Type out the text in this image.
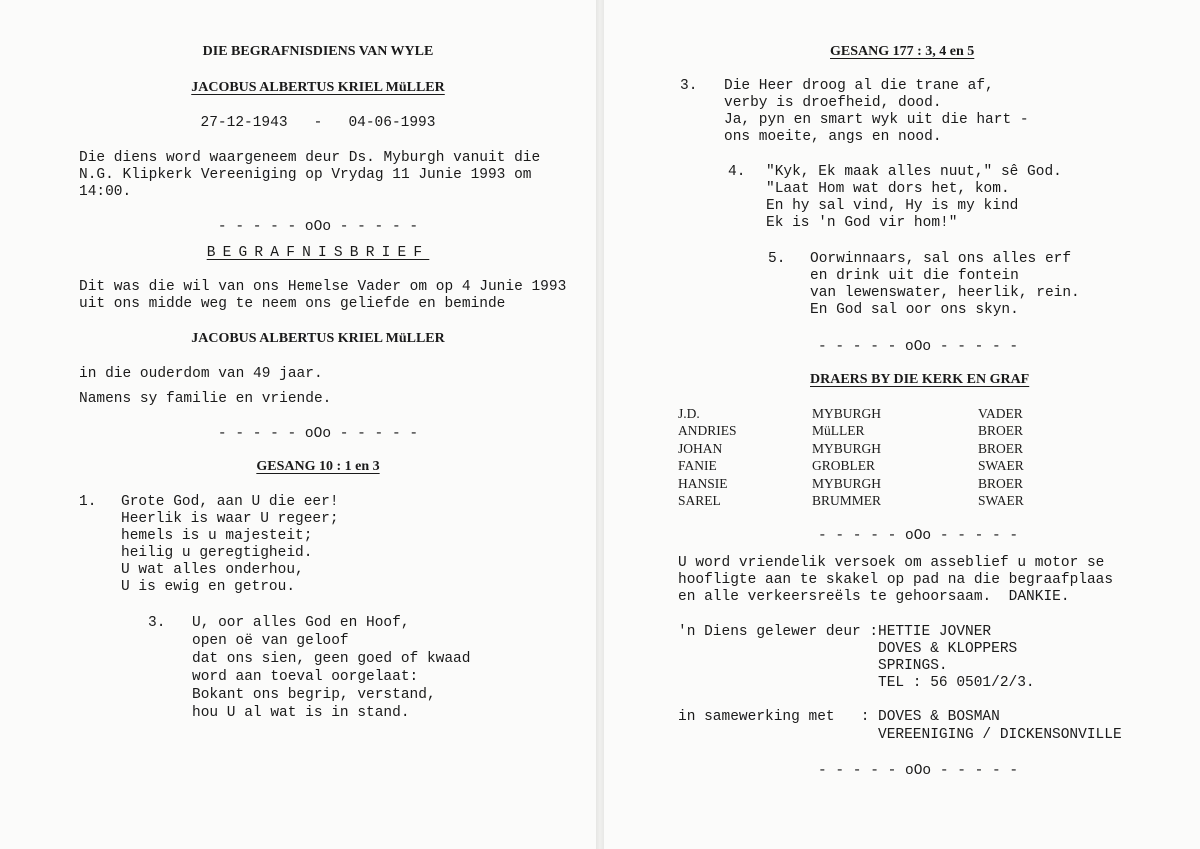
DIE BEGRAFNISDIENS VAN WYLE
JACOBUS ALBERTUS KRIEL MüLLER
27-12-1943   -   04-06-1993
Die diens word waargeneem deur Ds. Myburgh vanuit die
N.G. Klipkerk Vereeniging op Vrydag 11 Junie 1993 om
14:00.
- - - - - oOo - - - - -
BEGRAFNISBRIEF
Dit was die wil van ons Hemelse Vader om op 4 Junie 1993
uit ons midde weg te neem ons geliefde en beminde
JACOBUS ALBERTUS KRIEL MüLLER
in die ouderdom van 49 jaar.
Namens sy familie en vriende.
- - - - - oOo - - - - -
GESANG 10 : 1 en 3
1. Grote God, aan U die eer!
Heerlik is waar U regeer;
hemels is u majesteit;
heilig u geregtigheid.
U wat alles onderhou,
U is ewig en getrou.
3. U, oor alles God en Hoof,
open oë van geloof
dat ons sien, geen goed of kwaad
word aan toeval oorgelaat:
Bokant ons begrip, verstand,
hou U al wat is in stand.
GESANG 177 : 3, 4 en 5
3. Die Heer droog al die trane af,
verby is droefheid, dood.
Ja, pyn en smart wyk uit die hart -
ons moeite, angs en nood.
4. "Kyk, Ek maak alles nuut," sê God.
"Laat Hom wat dors het, kom.
En hy sal vind, Hy is my kind
Ek is 'n God vir hom!"
5. Oorwinnaars, sal ons alles erf
en drink uit die fontein
van lewenswater, heerlik, rein.
En God sal oor ons skyn.
- - - - - oOo - - - - -
DRAERS BY DIE KERK EN GRAF
J.D.	MYBURGH	VADER
ANDRIES	MüLLER	BROER
JOHAN	MYBURGH	BROER
FANIE	GROBLER	SWAER
HANSIE	MYBURGH	BROER
SAREL	BRUMMER	SWAER
- - - - - oOo - - - - -
U word vriendelik versoek om asseblief u motor se
hoofligte aan te skakel op pad na die begraafplaas
en alle verkeersreëls te gehoorsaam.  DANKIE.
'n Diens gelewer deur :
HETTIE JOVNER
DOVES & KLOPPERS
SPRINGS.
TEL : 56 0501/2/3.
in samewerking met   : DOVES & BOSMAN
VEREENIGING / DICKENSONVILLE
- - - - - oOo - - - - -
